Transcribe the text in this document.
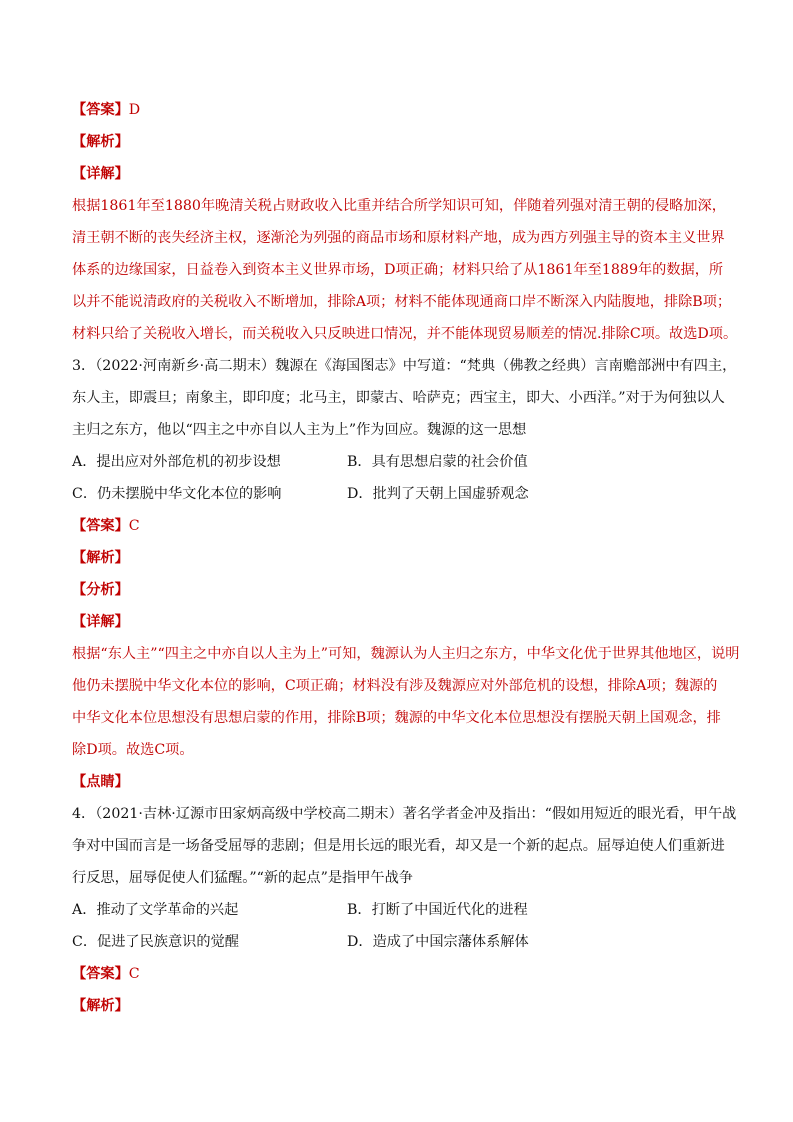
【答案】D
【解析】
【详解】
根据1861年至1880年晚清关税占财政收入比重并结合所学知识可知，伴随着列强对清王朝的侵略加深，
清王朝不断的丧失经济主权，逐渐沦为列强的商品市场和原材料产地，成为西方列强主导的资本主义世界
体系的边缘国家，日益卷入到资本主义世界市场，D项正确；材料只给了从1861年至1889年的数据，所
以并不能说清政府的关税收入不断增加，排除A项；材料不能体现通商口岸不断深入内陆腹地，排除B项；
材料只给了关税收入增长，而关税收入只反映进口情况，并不能体现贸易顺差的情况.排除C项。故选D项。
3．（2022·河南新乡·高二期末）魏源在《海国图志》中写道：“梵典（佛教之经典）言南赡部洲中有四主，
东人主，即震旦；南象主，即印度；北马主，即蒙古、哈萨克；西宝主，即大、小西洋。”对于为何独以人
主归之东方，他以“四主之中亦自以人主为上”作为回应。魏源的这一思想
A．提出应对外部危机的初步设想	B．具有思想启蒙的社会价值
C．仍未摆脱中华文化本位的影响	D．批判了天朝上国虚骄观念
【答案】C
【解析】
【分析】
【详解】
根据“东人主”“四主之中亦自以人主为上”可知，魏源认为人主归之东方，中华文化优于世界其他地区，说明
他仍未摆脱中华文化本位的影响，C项正确；材料没有涉及魏源应对外部危机的设想，排除A项；魏源的
中华文化本位思想没有思想启蒙的作用，排除B项；魏源的中华文化本位思想没有摆脱天朝上国观念，排
除D项。故选C项。
【点睛】
4．（2021·吉林·辽源市田家炳高级中学校高二期末）著名学者金冲及指出：“假如用短近的眼光看，甲午战
争对中国而言是一场备受屈辱的悲剧；但是用长远的眼光看，却又是一个新的起点。屈辱迫使人们重新进
行反思，屈辱促使人们猛醒。”“新的起点”是指甲午战争
A．推动了文学革命的兴起	B．打断了中国近代化的进程
C．促进了民族意识的觉醒	D．造成了中国宗藩体系解体
【答案】C
【解析】
